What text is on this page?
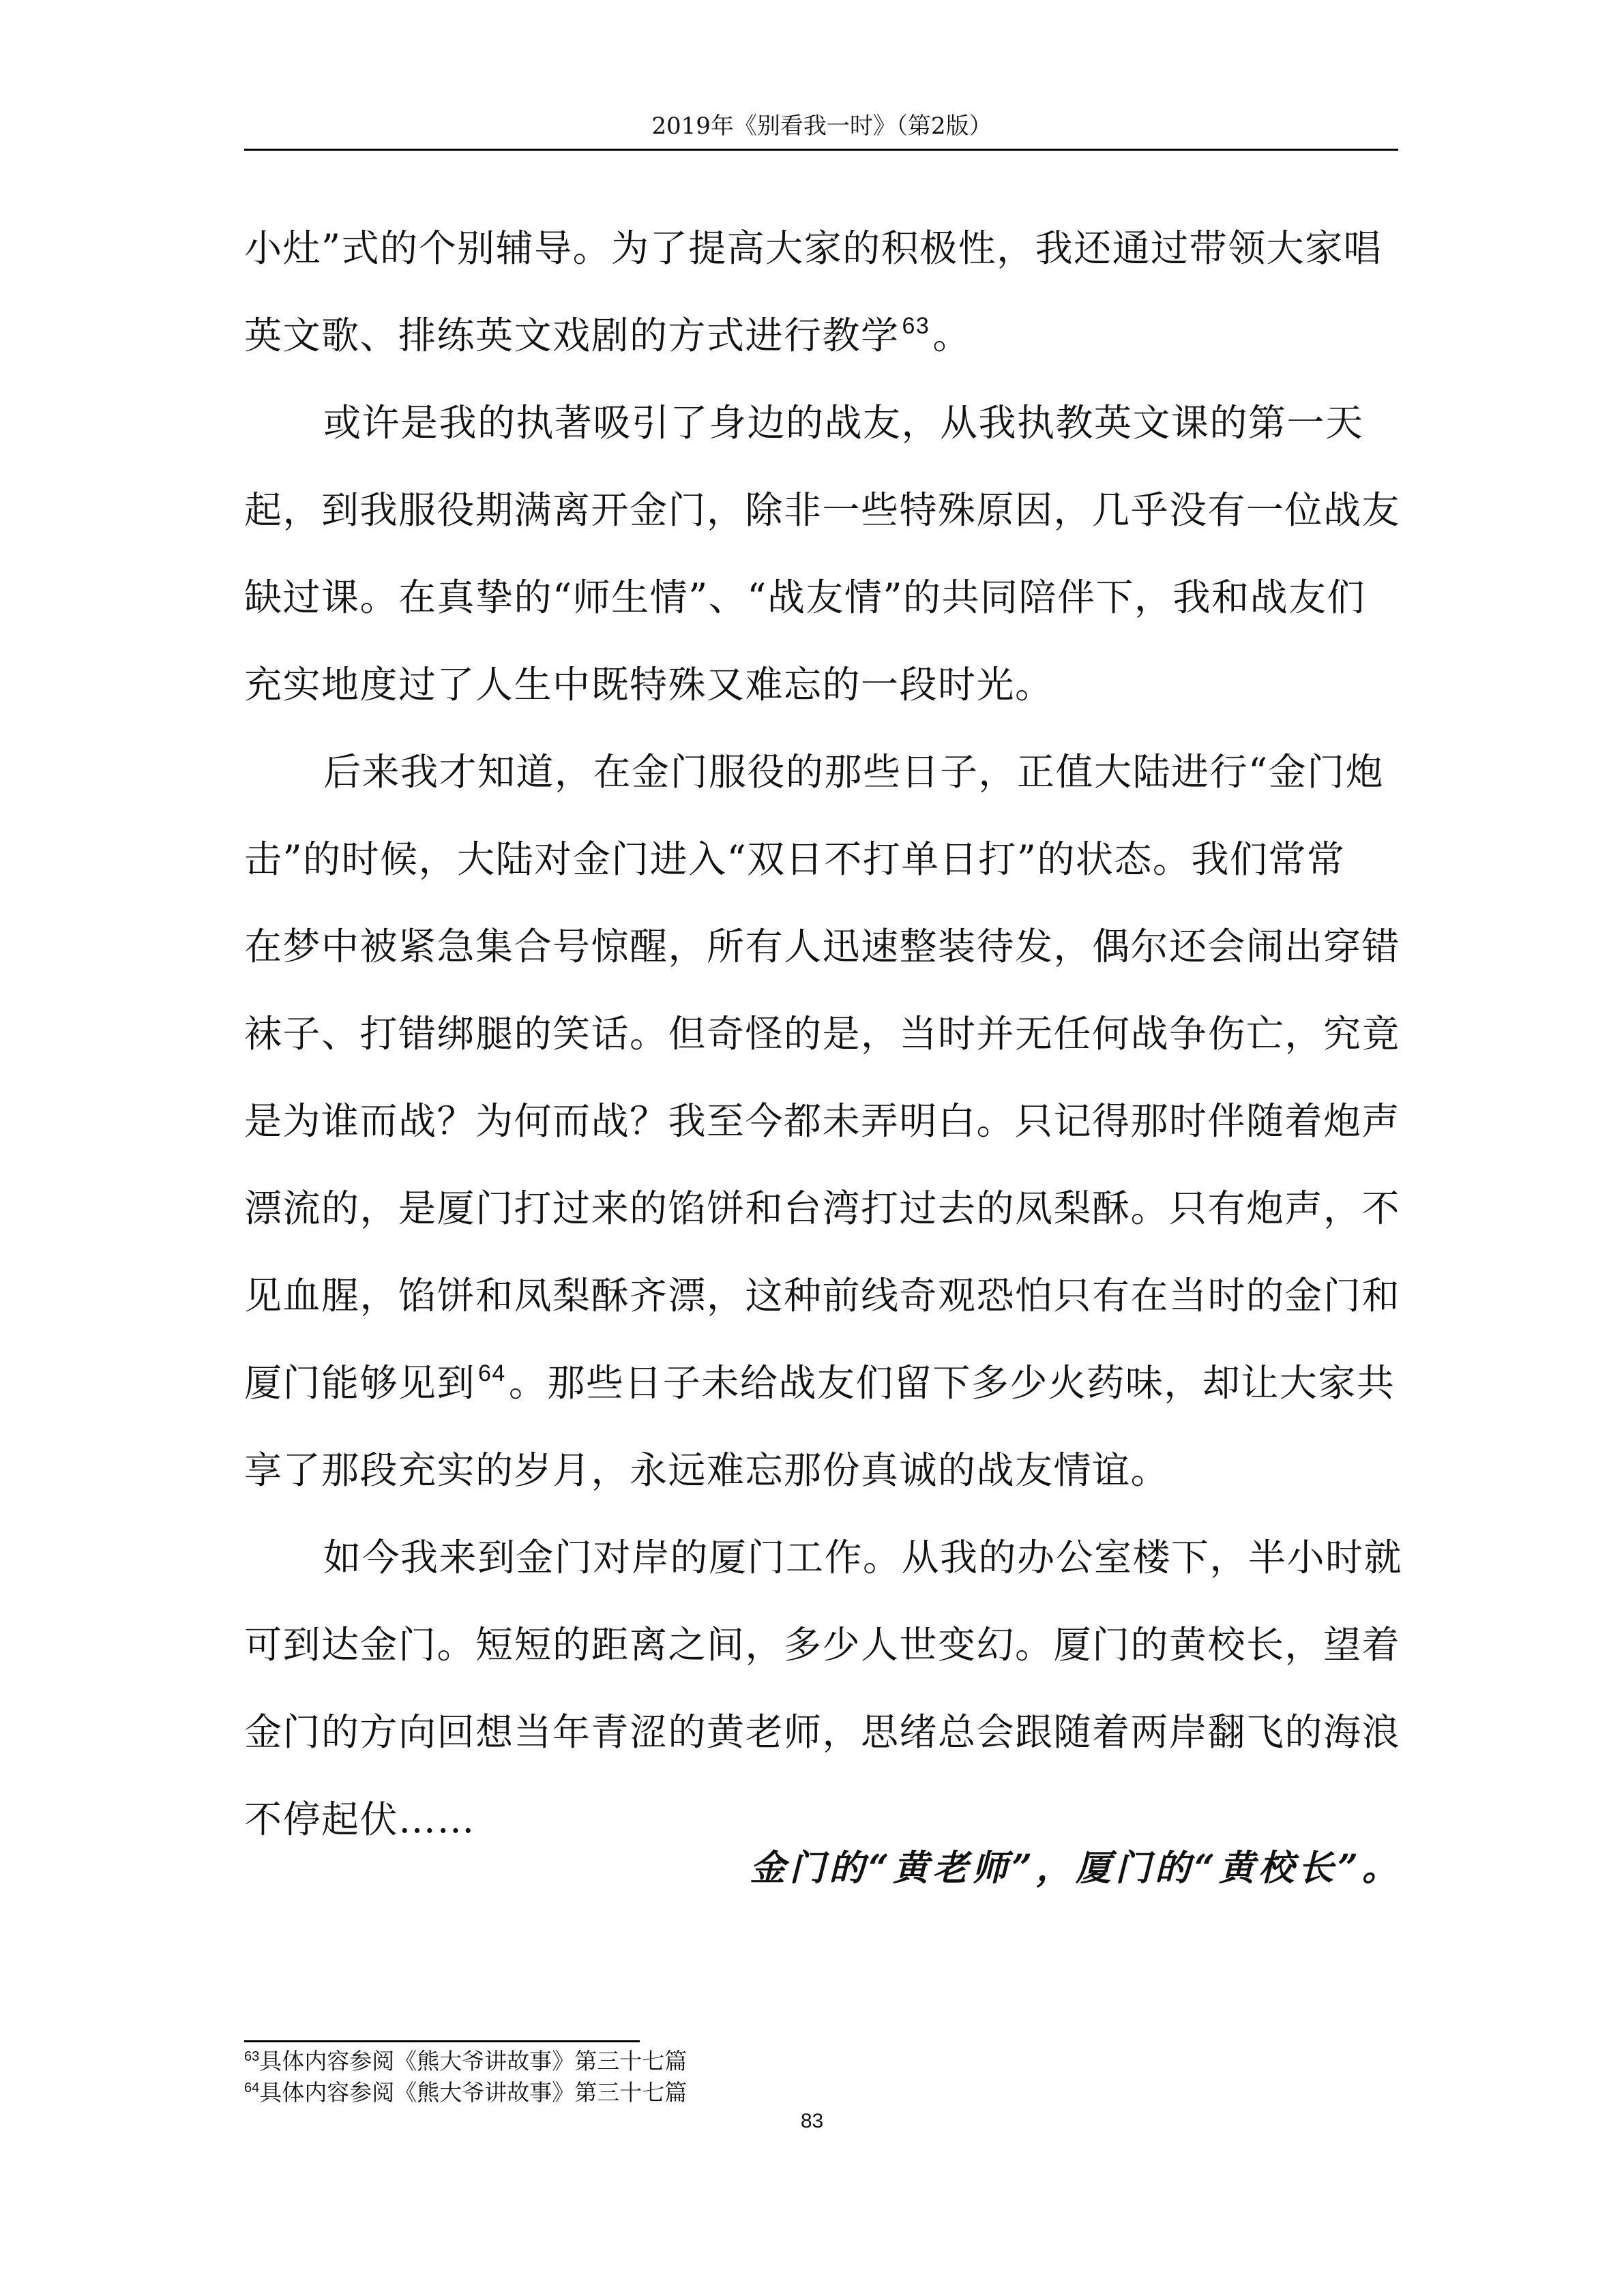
2019年《别看我一时》（第2版）

小灶”式的个别辅导。为了提高大家的积极性，我还通过带领大家唱
英文歌、排练英文戏剧的方式进行教学 $^{63}$。

或许是我的执著吸引了身边的战友，从我执教英文课的第一天
起，到我服役期满离开金门，除非一些特殊原因，几乎没有一位战友
缺过课。在真挚的“师生情”、“战友情”的共同陪伴下，我和战友们
充实地度过了人生中既特殊又难忘的一段时光。

后来我才知道，在金门服役的那些日子，正值大陆进行“金门炮
击”的时候，大陆对金门进入“双日不打单日打”的状态。我们常常
在梦中被紧急集合号惊醒，所有人迅速整装待发，偶尔还会闹出穿错
袜子、打错绑腿的笑话。但奇怪的是，当时并无任何战争伤亡，究竟
是为谁而战？为何而战？我至今都未弄明白。只记得那时伴随着炮声
漂流的，是厦门打过来的馅饼和台湾打过去的凤梨酥。只有炮声，不
见血腥，馅饼和凤梨酥齐漂，这种前线奇观恐怕只有在当时的金门和
厦门能够见到 $^{64}$。那些日子未给战友们留下多少火药味，却让大家共
享了那段充实的岁月，永远难忘那份真诚的战友情谊。

如今我来到金门对岸的厦门工作。从我的办公室楼下，半小时就
可到达金门。短短的距离之间，多少人世变幻。厦门的黄校长，望着
金门的方向回想当年青涩的黄老师，思绪总会跟随着两岸翻飞的海浪
不停起伏……

金门的“黄老师”，厦门的“黄校长”。
$^{63}$具体内容参阅《熊大爷讲故事》第三十七篇
$^{64}$具体内容参阅《熊大爷讲故事》第三十七篇
83
